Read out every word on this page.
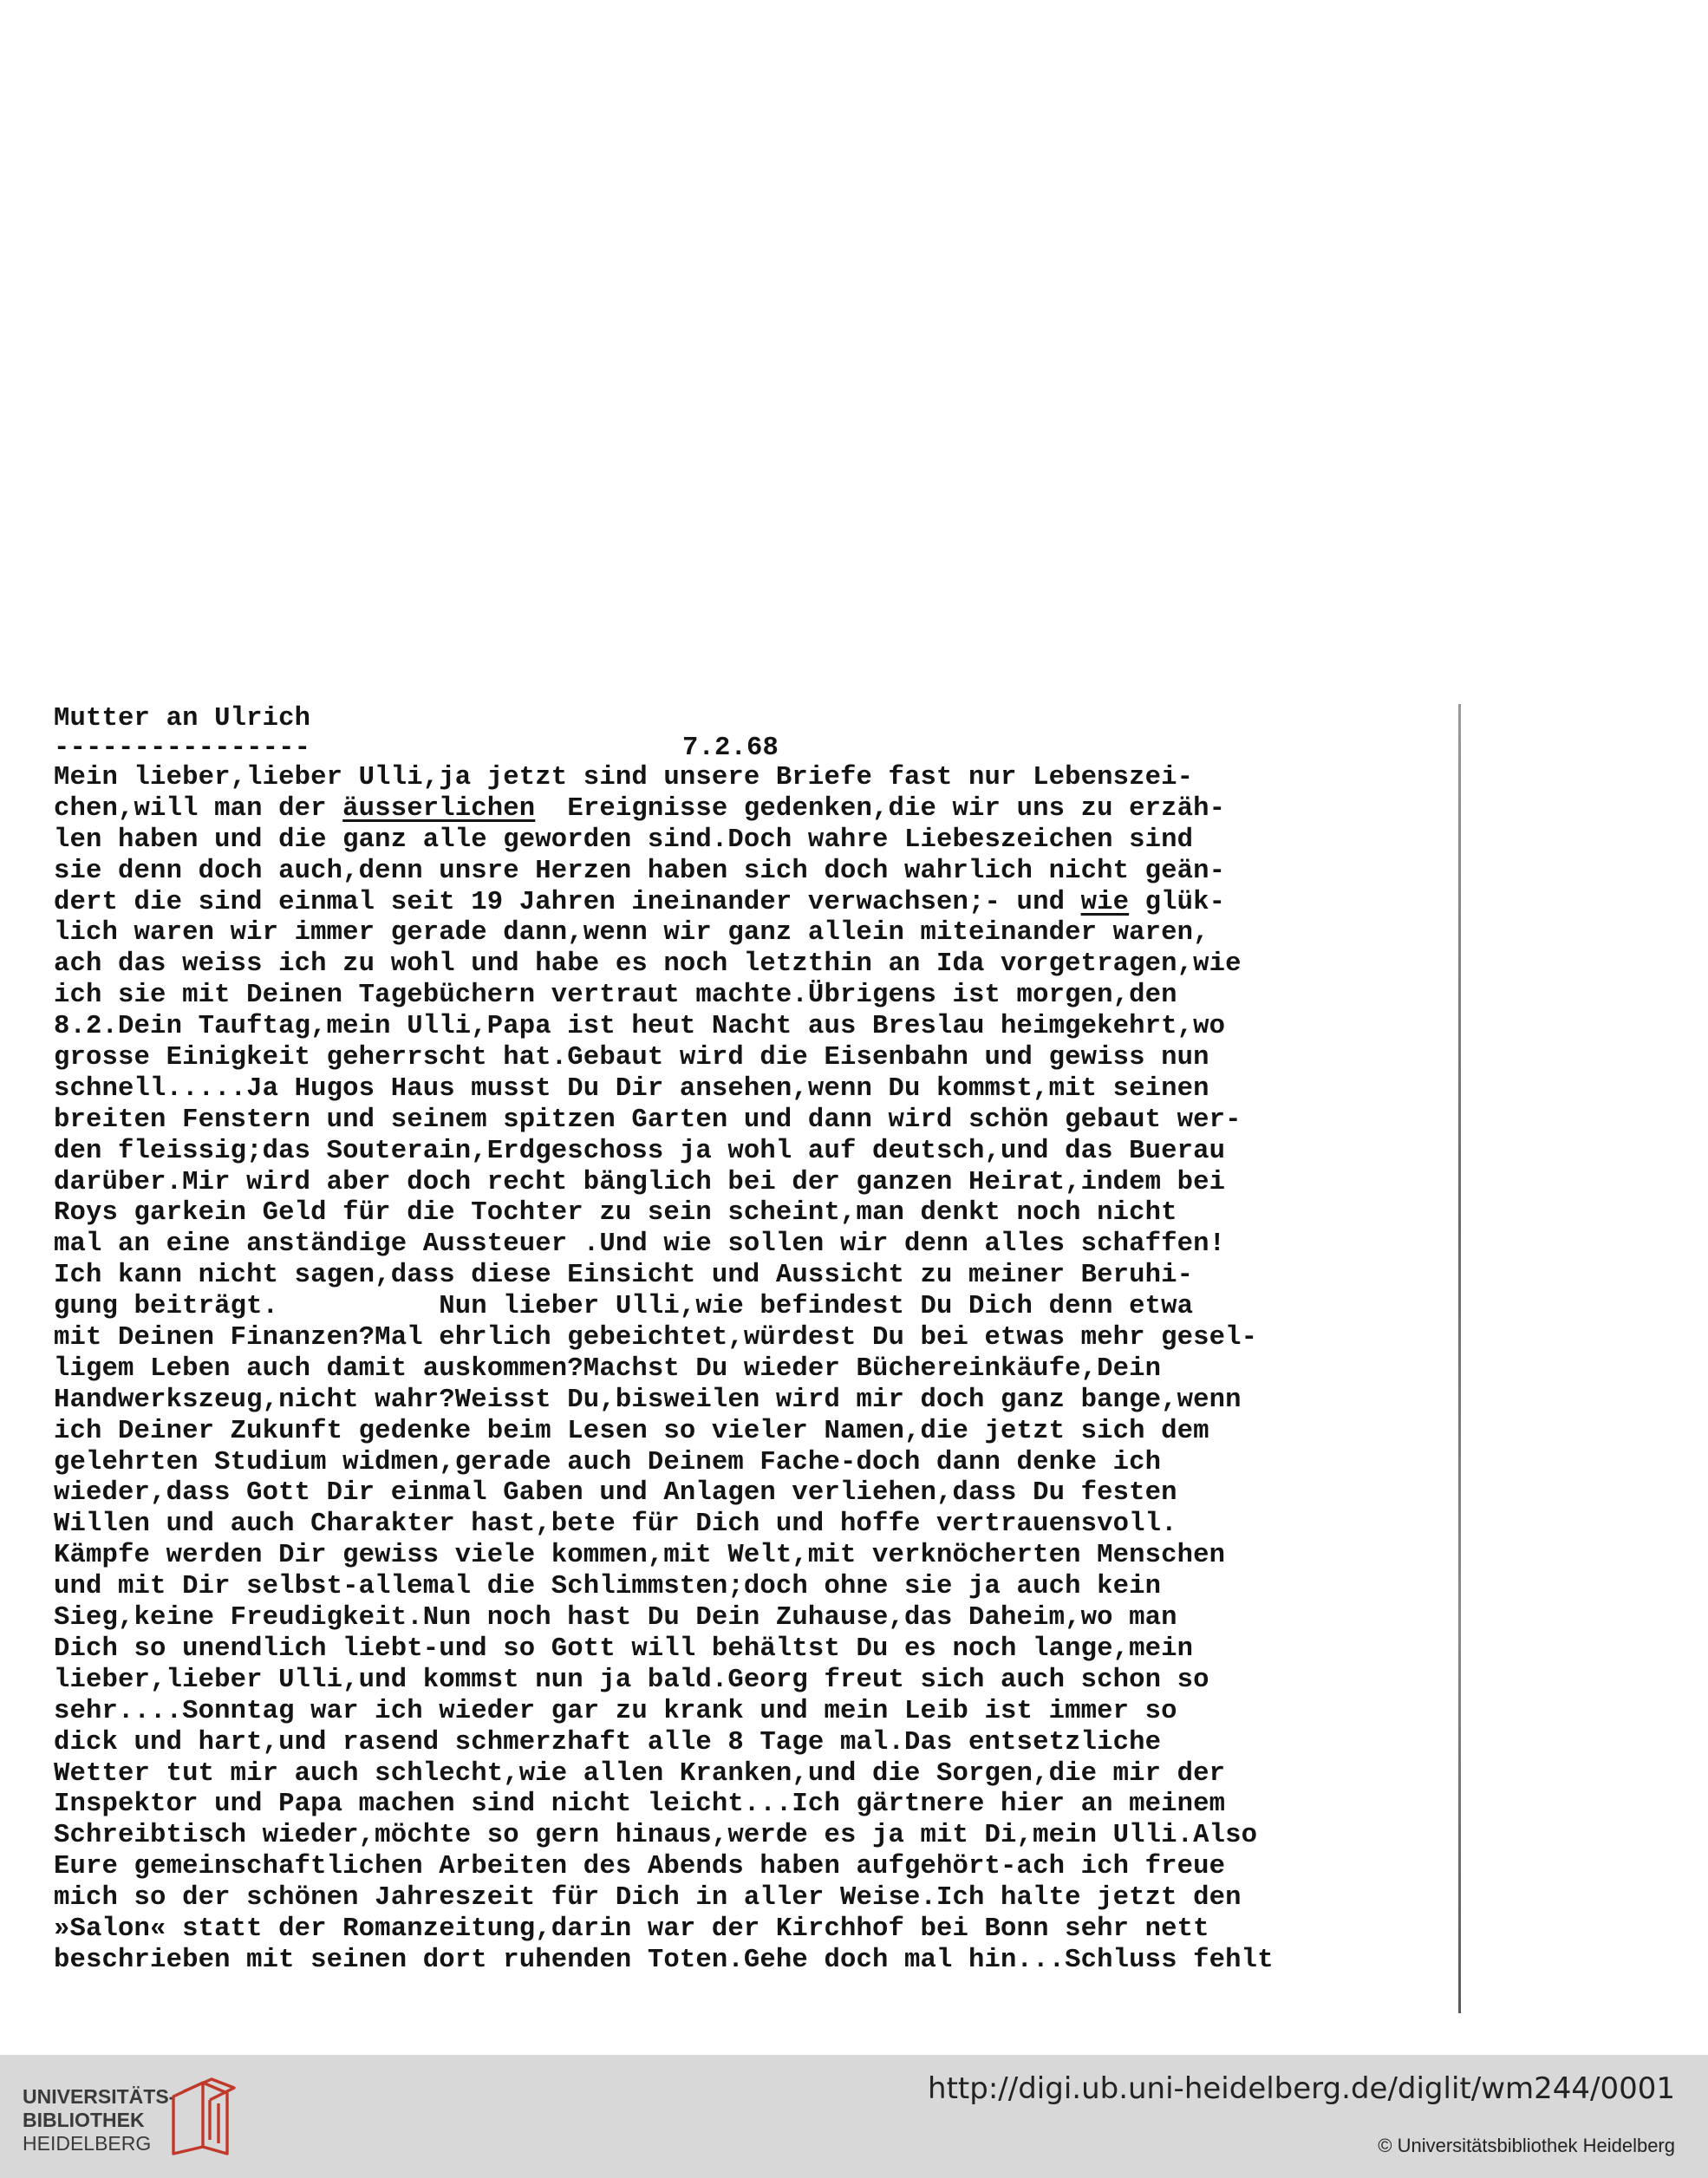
Mutter an Ulrich

----------------

	7.2.68

Mein lieber,lieber Ulli,ja jetzt sind unsere Briefe fast nur Lebenszei-
chen,will man der äusserlichen  Ereignisse gedenken,die wir uns zu erzäh-
len haben und die ganz alle geworden sind.Doch wahre Liebeszeichen sind
sie denn doch auch,denn unsre Herzen haben sich doch wahrlich nicht geän-
dert die sind einmal seit 19 Jahren ineinander verwachsen;- und wie glük-
lich waren wir immer gerade dann,wenn wir ganz allein miteinander waren,
ach das weiss ich zu wohl und habe es noch letzthin an Ida vorgetragen,wie
ich sie mit Deinen Tagebüchern vertraut machte.Übrigens ist morgen,den
8.2.Dein Tauftag,mein Ulli,Papa ist heut Nacht aus Breslau heimgekehrt,wo
grosse Einigkeit geherrscht hat.Gebaut wird die Eisenbahn und gewiss nun
schnell.....Ja Hugos Haus musst Du Dir ansehen,wenn Du kommst,mit seinen
breiten Fenstern und seinem spitzen Garten und dann wird schön gebaut wer-
den fleissig;das Souterain,Erdgeschoss ja wohl auf deutsch,und das Buerau
darüber.Mir wird aber doch recht bänglich bei der ganzen Heirat,indem bei
Roys garkein Geld für die Tochter zu sein scheint,man denkt noch nicht
mal an eine anständige Aussteuer .Und wie sollen wir denn alles schaffen!
Ich kann nicht sagen,dass diese Einsicht und Aussicht zu meiner Beruhi-
gung beiträgt.          Nun lieber Ulli,wie befindest Du Dich denn etwa
mit Deinen Finanzen?Mal ehrlich gebeichtet,würdest Du bei etwas mehr gesel-
ligem Leben auch damit auskommen?Machst Du wieder Büchereinkäufe,Dein
Handwerkszeug,nicht wahr?Weisst Du,bisweilen wird mir doch ganz bange,wenn
ich Deiner Zukunft gedenke beim Lesen so vieler Namen,die jetzt sich dem
gelehrten Studium widmen,gerade auch Deinem Fache-doch dann denke ich
wieder,dass Gott Dir einmal Gaben und Anlagen verliehen,dass Du festen
Willen und auch Charakter hast,bete für Dich und hoffe vertrauensvoll.
Kämpfe werden Dir gewiss viele kommen,mit Welt,mit verknöcherten Menschen
und mit Dir selbst-allemal die Schlimmsten;doch ohne sie ja auch kein
Sieg,keine Freudigkeit.Nun noch hast Du Dein Zuhause,das Daheim,wo man
Dich so unendlich liebt-und so Gott will behältst Du es noch lange,mein
lieber,lieber Ulli,und kommst nun ja bald.Georg freut sich auch schon so
sehr....Sonntag war ich wieder gar zu krank und mein Leib ist immer so
dick und hart,und rasend schmerzhaft alle 8 Tage mal.Das entsetzliche
Wetter tut mir auch schlecht,wie allen Kranken,und die Sorgen,die mir der
Inspektor und Papa machen sind nicht leicht...Ich gärtnere hier an meinem
Schreibtisch wieder,möchte so gern hinaus,werde es ja mit Di,mein Ulli.Also
Eure gemeinschaftlichen Arbeiten des Abends haben aufgehört-ach ich freue
mich so der schönen Jahreszeit für Dich in aller Weise.Ich halte jetzt den
»Salon« statt der Romanzeitung,darin war der Kirchhof bei Bonn sehr nett
beschrieben mit seinen dort ruhenden Toten.Gehe doch mal hin...Schluss fehlt
UNIVERSITÄTS-
BIBLIOTHEK
HEIDELBERG
http://digi.ub.uni-heidelberg.de/diglit/wm244/0001
© Universitätsbibliothek Heidelberg
